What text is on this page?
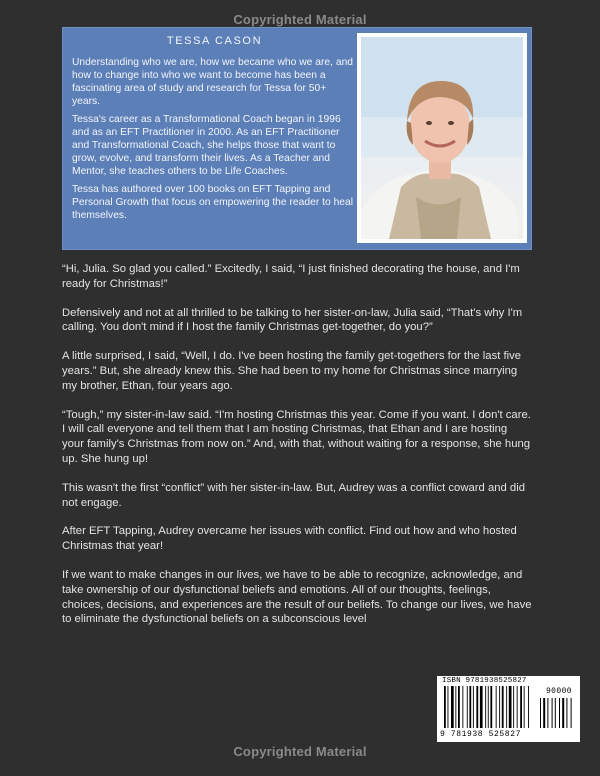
Copyrighted Material
TESSA CASON

Understanding who we are, how we became who we are, and how to change into who we want to become has been a fascinating area of study and research for Tessa for 50+ years.

Tessa's career as a Transformational Coach began in 1996 and as an EFT Practitioner in 2000. As an EFT Practitioner and Transformational Coach, she helps those that want to grow, evolve, and transform their lives. As a Teacher and Mentor, she teaches others to be Life Coaches.

Tessa has authored over 100 books on EFT Tapping and Personal Growth that focus on empowering the reader to heal themselves.

“Hi, Julia. So glad you called.” Excitedly, I said, “I just finished decorating the house, and I'm ready for Christmas!”

Defensively and not at all thrilled to be talking to her sister-on-law, Julia said, “That's why I'm calling. You don't mind if I host the family Christmas get-together, do you?”

A little surprised, I said, “Well, I do. I've been hosting the family get-togethers for the last five years.” But, she already knew this. She had been to my home for Christmas since marrying my brother, Ethan, four years ago.

“Tough,” my sister-in-law said. “I'm hosting Christmas this year. Come if you want. I don't care. I will call everyone and tell them that I am hosting Christmas, that Ethan and I are hosting your family's Christmas from now on.” And, with that, without waiting for a response, she hung up. She hung up!

This wasn't the first “conflict” with her sister-in-law. But, Audrey was a conflict coward and did not engage.

After EFT Tapping, Audrey overcame her issues with conflict. Find out how and who hosted Christmas that year!

If we want to make changes in our lives, we have to be able to recognize, acknowledge, and take ownership of our dysfunctional beliefs and emotions. All of our thoughts, feelings, choices, decisions, and experiences are the result of our beliefs. To change our lives, we have to eliminate the dysfunctional beliefs on a subconscious level

ISBN 9781938525827
90000
9 781938 525827
Copyrighted Material
